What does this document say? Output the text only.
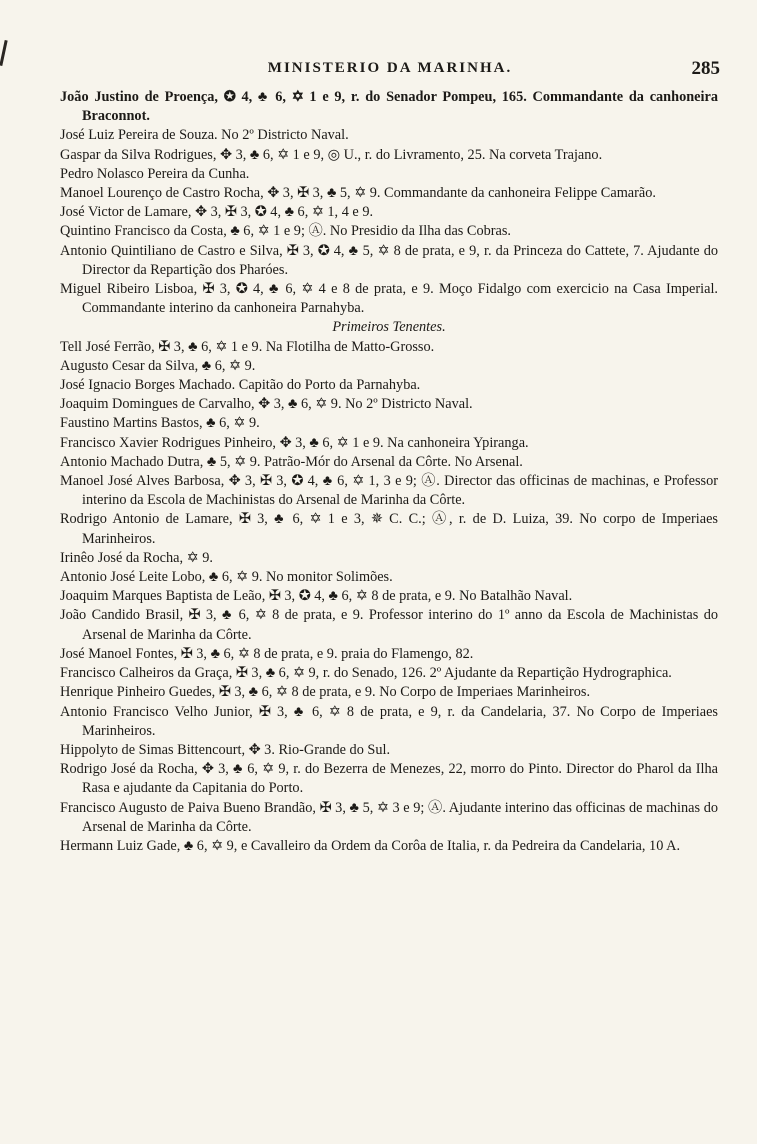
MINISTERIO DA MARINHA.	285

João Justino de Proença, ✪ 4, ♣ 6, ✡ 1 e 9, r. do Senador Pompeu, 165. Commandante da canhoneira Braconnot.

José Luiz Pereira de Souza. No 2º Districto Naval.

Gaspar da Silva Rodrigues, ✥ 3, ♣ 6, ✡ 1 e 9, ◎ U., r. do Livramento, 25. Na corveta Trajano.

Pedro Nolasco Pereira da Cunha.

Manoel Lourenço de Castro Rocha, ✥ 3, ✠ 3, ♣ 5, ✡ 9. Commandante da canhoneira Felippe Camarão.

José Victor de Lamare, ✥ 3, ✠ 3, ✪ 4, ♣ 6, ✡ 1, 4 e 9.

Quintino Francisco da Costa, ♣ 6, ✡ 1 e 9; Ⓐ. No Presidio da Ilha das Cobras.

Antonio Quintiliano de Castro e Silva, ✠ 3, ✪ 4, ♣ 5, ✡ 8 de prata, e 9, r. da Princeza do Cattete, 7. Ajudante do Director da Repartição dos Pharóes.

Miguel Ribeiro Lisboa, ✠ 3, ✪ 4, ♣ 6, ✡ 4 e 8 de prata, e 9. Moço Fidalgo com exercicio na Casa Imperial. Commandante interino da canhoneira Parnahyba.

Primeiros Tenentes.

Tell José Ferrão, ✠ 3, ♣ 6, ✡ 1 e 9. Na Flotilha de Matto-Grosso.

Augusto Cesar da Silva, ♣ 6, ✡ 9.

José Ignacio Borges Machado. Capitão do Porto da Parnahyba.

Joaquim Domingues de Carvalho, ✥ 3, ♣ 6, ✡ 9. No 2º Districto Naval.

Faustino Martins Bastos, ♣ 6, ✡ 9.

Francisco Xavier Rodrigues Pinheiro, ✥ 3, ♣ 6, ✡ 1 e 9. Na canhoneira Ypiranga.

Antonio Machado Dutra, ♣ 5, ✡ 9. Patrão-Mór do Arsenal da Côrte. No Arsenal.

Manoel José Alves Barbosa, ✥ 3, ✠ 3, ✪ 4, ♣ 6, ✡ 1, 3 e 9; Ⓐ. Director das officinas de machinas, e Professor interino da Escola de Machinistas do Arsenal de Marinha da Côrte.

Rodrigo Antonio de Lamare, ✠ 3, ♣ 6, ✡ 1 e 3, ✵ C. C.; Ⓐ, r. de D. Luiza, 39. No corpo de Imperiaes Marinheiros.

Irinêo José da Rocha, ✡ 9.

Antonio José Leite Lobo, ♣ 6, ✡ 9. No monitor Solimões.

Joaquim Marques Baptista de Leão, ✠ 3, ✪ 4, ♣ 6, ✡ 8 de prata, e 9. No Batalhão Naval.

João Candido Brasil, ✠ 3, ♣ 6, ✡ 8 de prata, e 9. Professor interino do 1º anno da Escola de Machinistas do Arsenal de Marinha da Côrte.

José Manoel Fontes, ✠ 3, ♣ 6, ✡ 8 de prata, e 9. praia do Flamengo, 82.

Francisco Calheiros da Graça, ✠ 3, ♣ 6, ✡ 9, r. do Senado, 126. 2º Ajudante da Repartição Hydrographica.

Henrique Pinheiro Guedes, ✠ 3, ♣ 6, ✡ 8 de prata, e 9. No Corpo de Imperiaes Marinheiros.

Antonio Francisco Velho Junior, ✠ 3, ♣ 6, ✡ 8 de prata, e 9, r. da Candelaria, 37. No Corpo de Imperiaes Marinheiros.

Hippolyto de Simas Bittencourt, ✥ 3. Rio-Grande do Sul.

Rodrigo José da Rocha, ✥ 3, ♣ 6, ✡ 9, r. do Bezerra de Menezes, 22, morro do Pinto. Director do Pharol da Ilha Rasa e ajudante da Capitania do Porto.

Francisco Augusto de Paiva Bueno Brandão, ✠ 3, ♣ 5, ✡ 3 e 9; Ⓐ. Ajudante interino das officinas de machinas do Arsenal de Marinha da Côrte.

Hermann Luiz Gade, ♣ 6, ✡ 9, e Cavalleiro da Ordem da Corôa de Italia, r. da Pedreira da Candelaria, 10 A.
